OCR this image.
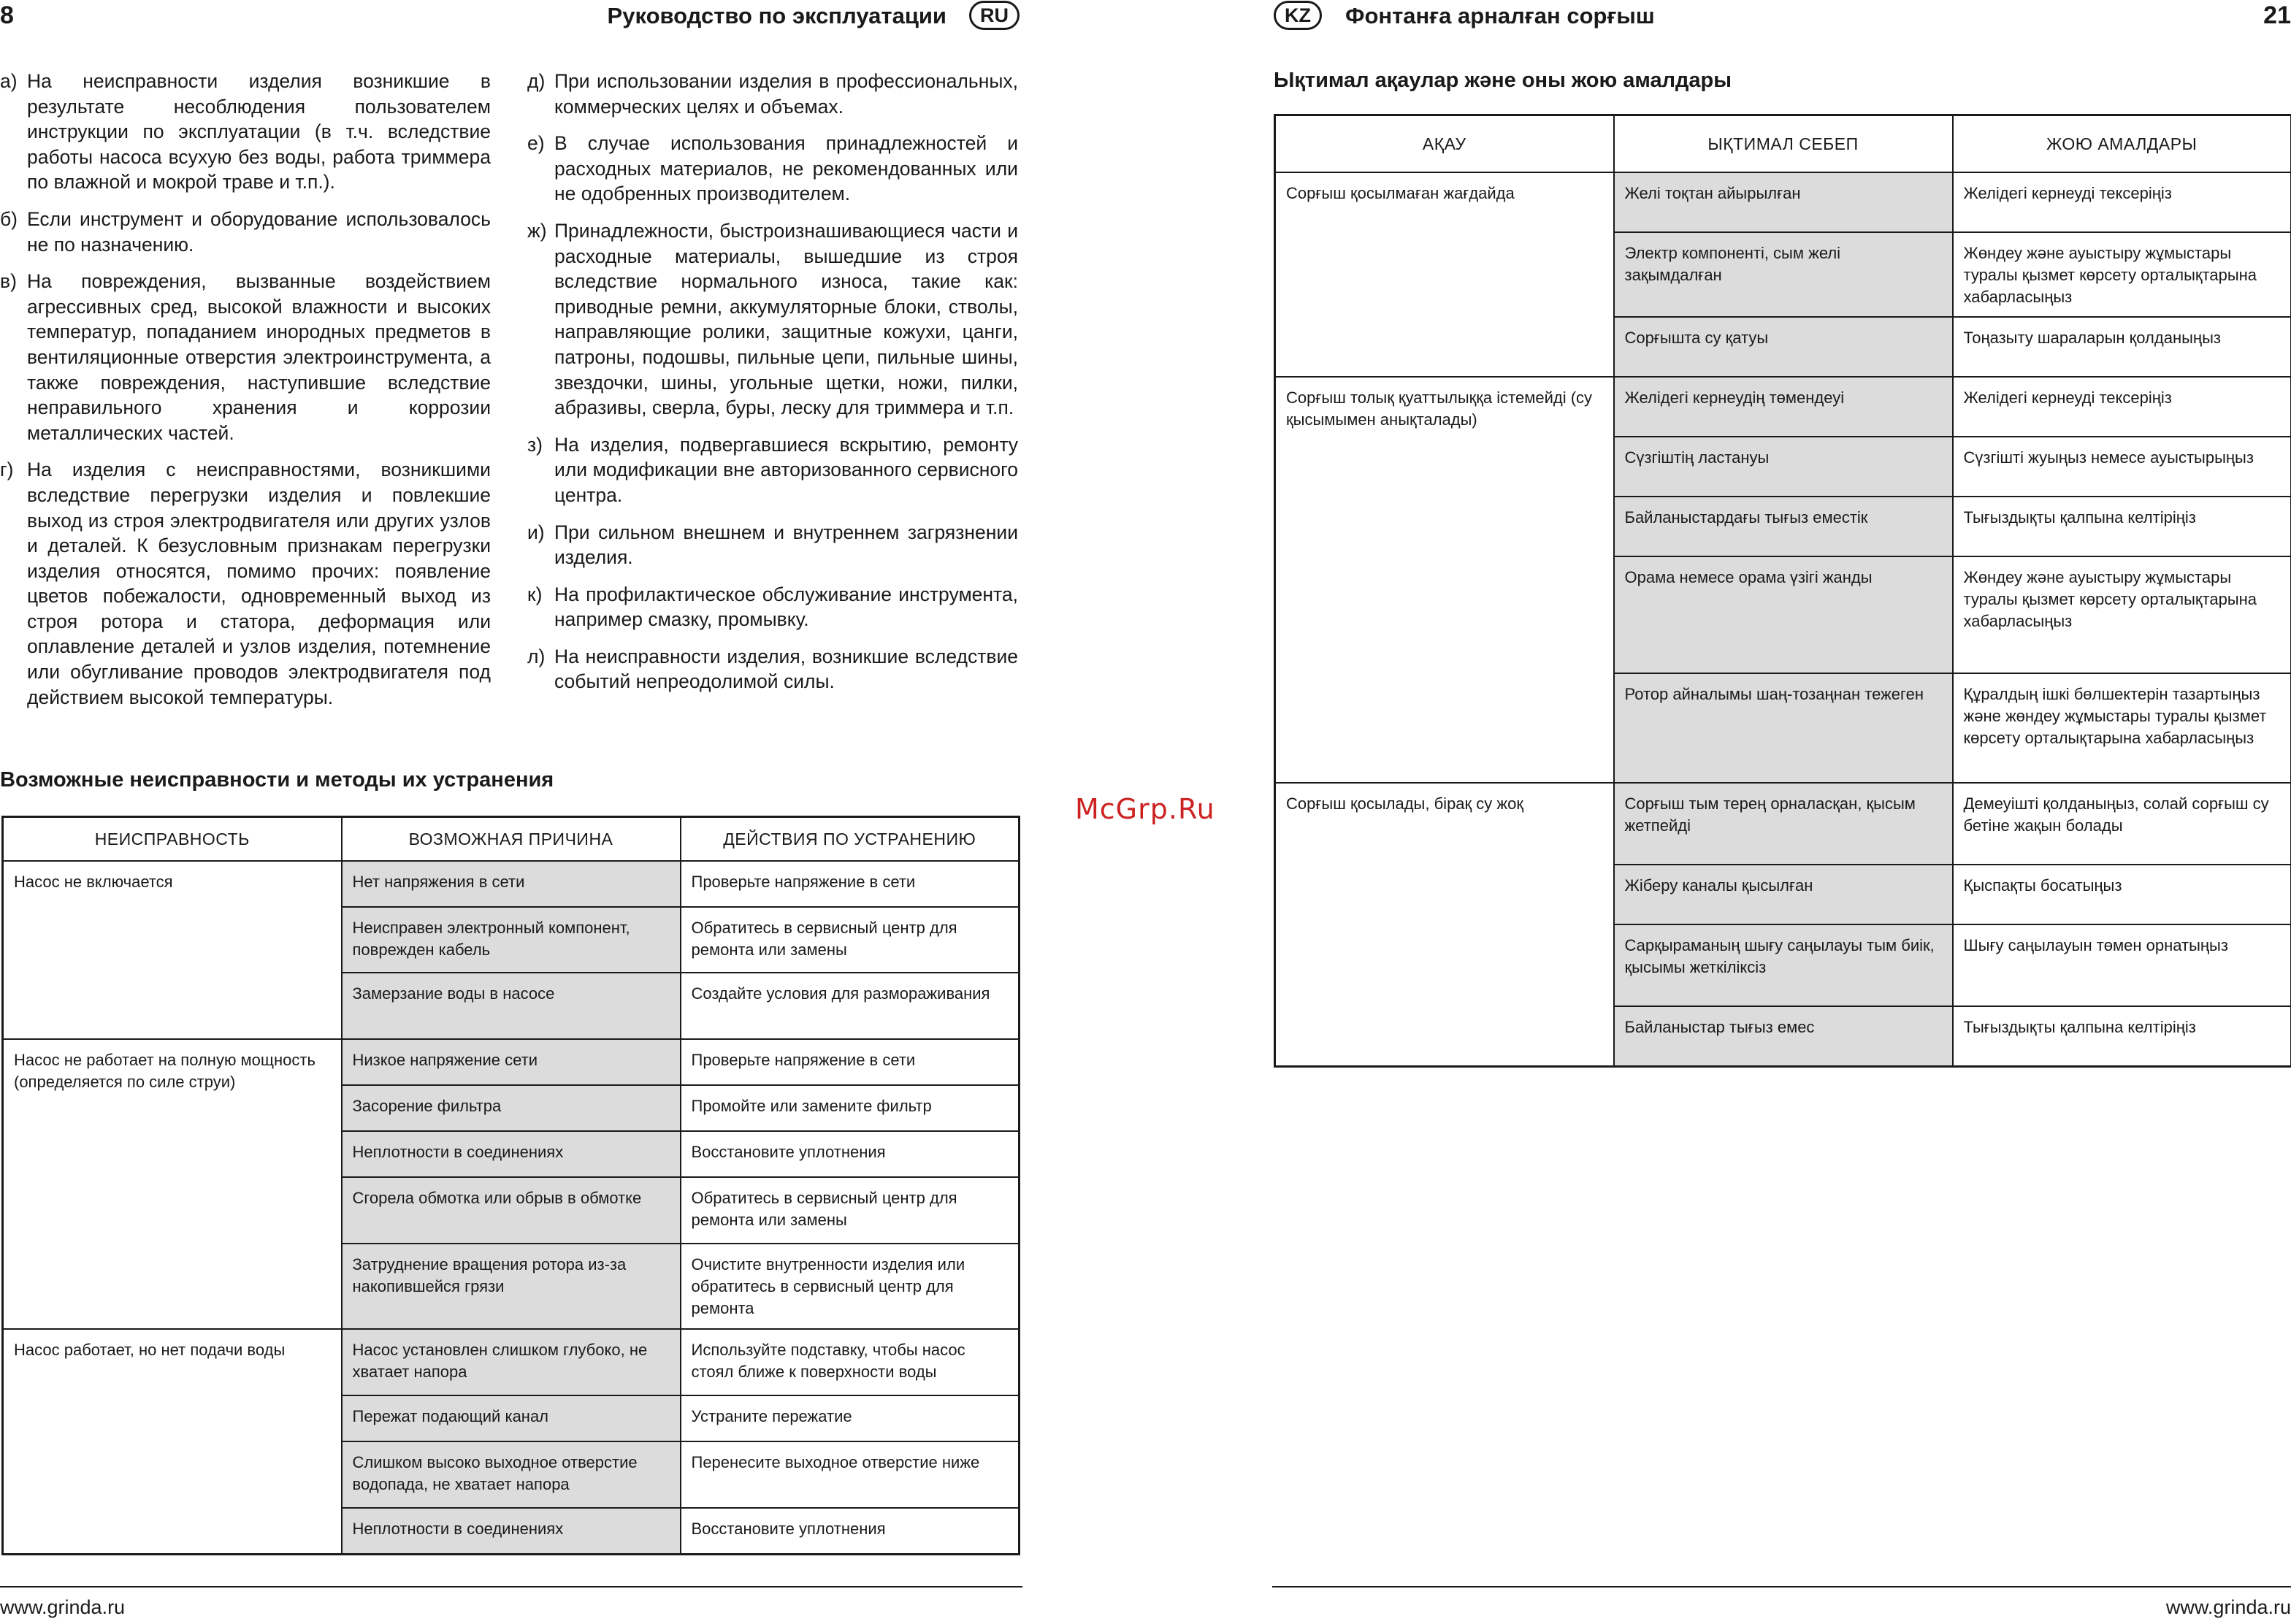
8	Руководство по эксплуатации	RU
а) На неисправности изделия возникшие в результате несоблюдения пользователем инструкции по эксплуатации (в т.ч. вследствие работы насоса всухую без воды, работа триммера по влажной и мокрой траве и т.п.).
б) Если инструмент и оборудование использовалось не по назначению.
в) На повреждения, вызванные воздействием агрессивных сред, высокой влажности и высоких температур, попаданием инородных предметов в вентиляционные отверстия электроинструмента, а также повреждения, наступившие вследствие неправильного хранения и коррозии металлических частей.
г) На изделия с неисправностями, возникшими вследствие перегрузки изделия и повлекшие выход из строя электродвигателя или других узлов и деталей. К безусловным признакам перегрузки изделия относятся, помимо прочих: появление цветов побежалости, одновременный выход из строя ротора и статора, деформация или оплавление деталей и узлов изделия, потемнение или обугливание проводов электродвигателя под действием высокой температуры.
д) При использовании изделия в профессиональных, коммерческих целях и объемах.
е) В случае использования принадлежностей и расходных материалов, не рекомендованных или не одобренных производителем.
ж) Принадлежности, быстроизнашивающиеся части и расходные материалы, вышедшие из строя вследствие нормального износа, такие как: приводные ремни, аккумуляторные блоки, стволы, направляющие ролики, защитные кожухи, цанги, патроны, подошвы, пильные цепи, пильные шины, звездочки, шины, угольные щетки, ножи, пилки, абразивы, сверла, буры, леску для триммера и т.п.
з) На изделия, подвергавшиеся вскрытию, ремонту или модификации вне авторизованного сервисного центра.
и) При сильном внешнем и внутреннем загрязнении изделия.
к) На профилактическое обслуживание инструмента, например смазку, промывку.
л) На неисправности изделия, возникшие вследствие событий непреодолимой силы.
Возможные неисправности и методы их устранения
НЕИСПРАВНОСТЬ	ВОЗМОЖНАЯ ПРИЧИНА	ДЕЙСТВИЯ ПО УСТРАНЕНИЮ
Насос не включается	Нет напряжения в сети	Проверьте напряжение в сети
	Неисправен электронный компонент, поврежден кабель	Обратитесь в сервисный центр для ремонта или замены
	Замерзание воды в насосе	Создайте условия для размораживания
Насос не работает на полную мощность (определяется по силе струи)	Низкое напряжение сети	Проверьте напряжение в сети
	Засорение фильтра	Промойте или замените фильтр
	Неплотности в соединениях	Восстановите уплотнения
	Сгорела обмотка или обрыв в обмотке	Обратитесь в сервисный центр для ремонта или замены
	Затруднение вращения ротора из-за накопившейся грязи	Очистите внутренности изделия или обратитесь в сервисный центр для ремонта
Насос работает, но нет подачи воды	Насос установлен слишком глубоко, не хватает напора	Используйте подставку, чтобы насос стоял ближе к поверхности воды
	Пережат подающий канал	Устраните пережатие
	Слишком высоко выходное отверстие водопада, не хватает напора	Перенесите выходное отверстие ниже
	Неплотности в соединениях	Восстановите уплотнения
www.grinda.ru
KZ	Фонтанға арналған сорғыш	21
Ықтимал ақаулар және оны жою амалдары
АҚАУ	ЫҚТИМАЛ СЕБЕП	ЖОЮ АМАЛДАРЫ
Сорғыш қосылмаған жағдайда	Желі тоқтан айырылған	Желідегі кернеуді тексеріңіз
	Электр компоненті, сым желі зақымдалған	Жөндеу және ауыстыру жұмыстары туралы қызмет көрсету орталықтарына хабарласыңыз
	Сорғышта су қатуы	Тоңазыту шараларын қолданыңыз
Сорғыш толық қуаттылыққа істемейді (су қысымымен анықталады)	Желідегі кернеудің төмендеуі	Желідегі кернеуді тексеріңіз
	Сүзгіштің ластануы	Сүзгішті жуыңыз немесе ауыстырыңыз
	Байланыстардағы тығыз еместік	Тығыздықты қалпына келтіріңіз
	Орама немесе орама үзігі жанды	Жөндеу және ауыстыру жұмыстары туралы қызмет көрсету орталықтарына хабарласыңыз
	Ротор айналымы шаң-тозаңнан тежеген	Құралдың ішкі бөлшектерін тазартыңыз және жөндеу жұмыстары туралы қызмет көрсету орталықтарына хабарласыңыз
Сорғыш қосылады, бірақ су жоқ	Сорғыш тым терең орналасқан, қысым жетпейді	Демеуішті қолданыңыз, солай сорғыш су бетіне жақын болады
	Жіберу каналы қысылған	Қыспақты босатыңыз
	Сарқыраманың шығу саңылауы тым биік, қысымы жеткіліксіз	Шығу саңылауын төмен орнатыңыз
	Байланыстар тығыз емес	Тығыздықты қалпына келтіріңіз
www.grinda.ru
McGrp.Ru
